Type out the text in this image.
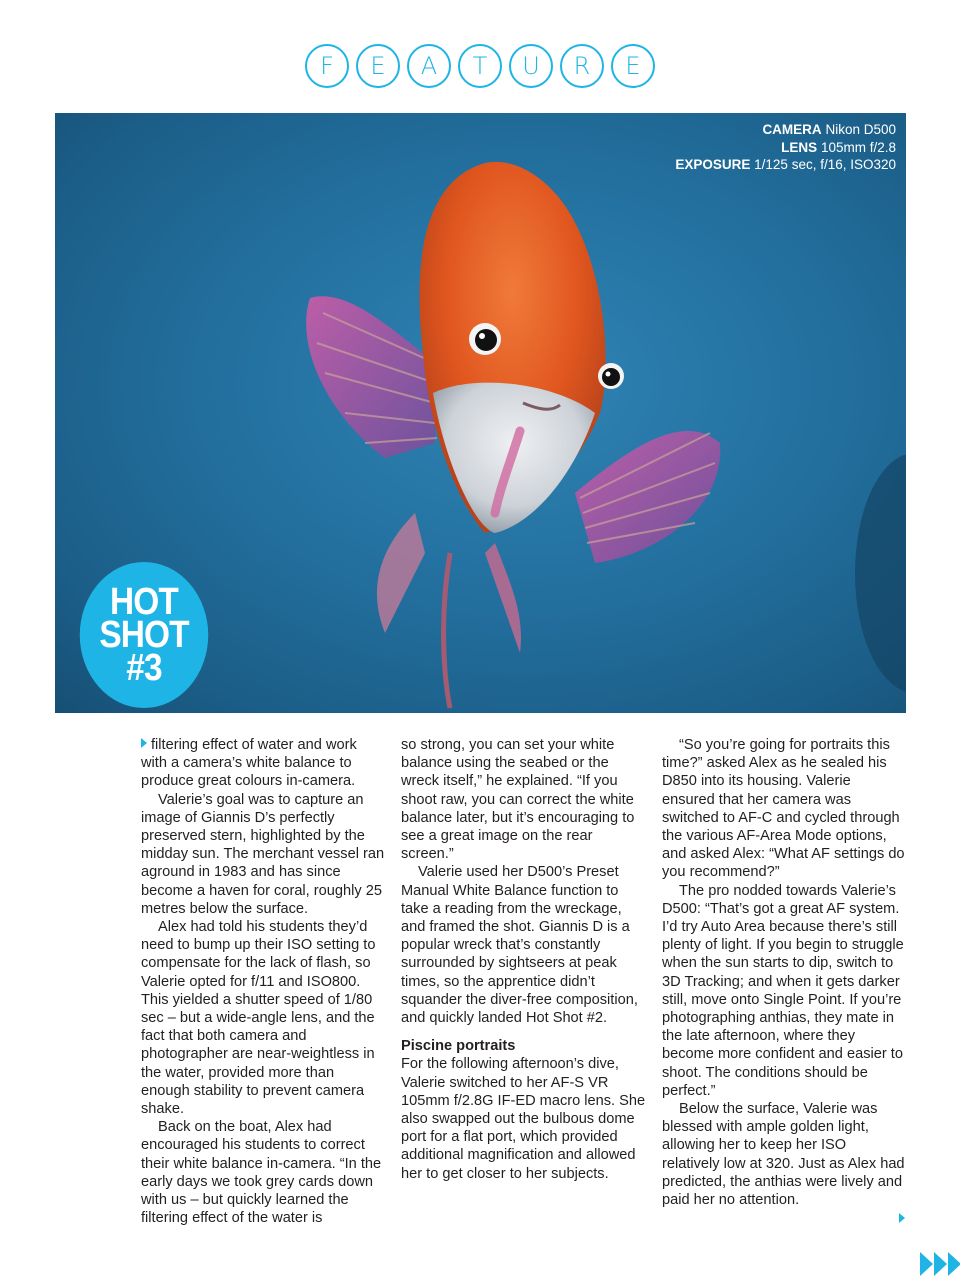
F	E	A	T	U	R	E
CAMERA Nikon D500
LENS 105mm f/2.8
EXPOSURE 1/125 sec, f/16, ISO320
HOT
SHOT
#3

filtering effect of water and work with a camera’s white balance to produce great colours in-camera.

Valerie’s goal was to capture an image of Giannis D’s perfectly preserved stern, highlighted by the midday sun. The merchant vessel ran aground in 1983 and has since become a haven for coral, roughly 25 metres below the surface.

Alex had told his students they’d need to bump up their ISO setting to compensate for the lack of flash, so Valerie opted for f/11 and ISO800. This yielded a shutter speed of 1/80 sec – but a wide-angle lens, and the fact that both camera and photographer are near-weightless in the water, provided more than enough stability to prevent camera shake.

Back on the boat, Alex had encouraged his students to correct their white balance in-camera. “In the early days we took grey cards down with us – but quickly learned the filtering effect of the water is

so strong, you can set your white balance using the seabed or the wreck itself,” he explained. “If you shoot raw, you can correct the white balance later, but it’s encouraging to see a great image on the rear screen.”

Valerie used her D500’s Preset Manual White Balance function to take a reading from the wreckage, and framed the shot. Giannis D is a popular wreck that’s constantly surrounded by sightseers at peak times, so the apprentice didn’t squander the diver-free composition, and quickly landed Hot Shot #2.

Piscine portraits

For the following afternoon’s dive, Valerie switched to her AF-S VR 105mm f/2.8G IF-ED macro lens. She also swapped out the bulbous dome port for a flat port, which provided additional magnification and allowed her to get closer to her subjects.

“So you’re going for portraits this time?” asked Alex as he sealed his D850 into its housing. Valerie ensured that her camera was switched to AF-C and cycled through the various AF-Area Mode options, and asked Alex: “What AF settings do you recommend?”

The pro nodded towards Valerie’s D500: “That’s got a great AF system. I’d try Auto Area because there’s still plenty of light. If you begin to struggle when the sun starts to dip, switch to 3D Tracking; and when it gets darker still, move onto Single Point. If you’re photographing anthias, they mate in the late afternoon, where they become more confident and easier to shoot. The conditions should be perfect.”

Below the surface, Valerie was blessed with ample golden light, allowing her to keep her ISO relatively low at 320. Just as Alex had predicted, the anthias were lively and paid her no attention.
